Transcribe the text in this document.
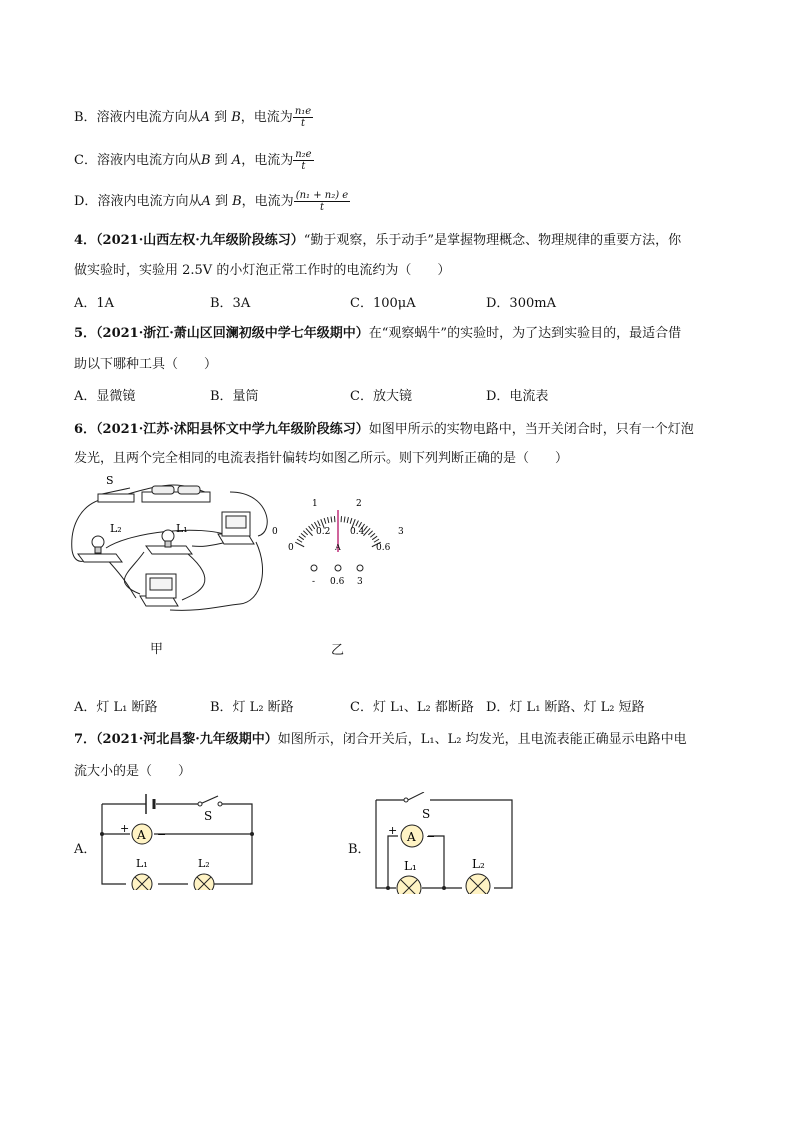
B．溶液内电流方向从A 到 B，电流为 $\frac{\text{n₁e}}{t}$
C．溶液内电流方向从B 到 A，电流为 $\frac{\text{n₂e}}{t}$
D．溶液内电流方向从A 到 B，电流为 $\frac{\text{(n₁ + n₂) e}}{t}$
4．（2021·山西左权·九年级阶段练习）“勤于观察，乐于动手”是掌握物理概念、物理规律的重要方法，你
做实验时，实验用 2.5V 的小灯泡正常工作时的电流约为（　　）
A．1A	B．3A	C．100μA	D．300mA
5．（2021·浙江·萧山区回澜初级中学七年级期中）在“观察蜗牛”的实验时，为了达到实验目的，最适合借
助以下哪种工具（　　）
A．显微镜	B．量筒	C．放大镜	D．电流表
6．（2021·江苏·沭阳县怀文中学九年级阶段练习）如图甲所示的实物电路中，当开关闭合时，只有一个灯泡
发光，且两个完全相同的电流表指针偏转均如图乙所示。则下列判断正确的是（　　）
S
L₂	L₁
甲
0
1	2
3
0
0.2 0.4
0.6
A
- 0.6 3
乙
A．灯 L₁ 断路	B．灯 L₂ 断路	C．灯 L₁、L₂ 都断路 D．灯 L₁ 断路、灯 L₂ 短路
7．（2021·河北昌黎·九年级期中）如图所示，闭合开关后，L₁、L₂ 均发光，且电流表能正确显示电路中电
流大小的是（　　）
A．
S
A
+	−
L₁	L₂
B．
S
A
+	−
L₁	L₂
